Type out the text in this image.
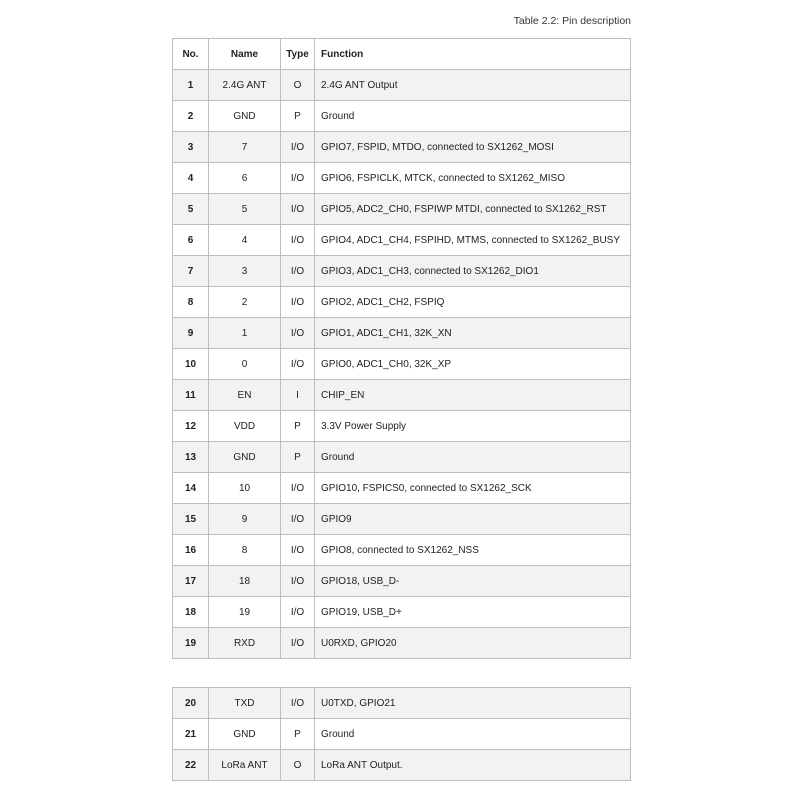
Table 2.2: Pin description
No.	Name	Type	Function
1	2.4G ANT	O	2.4G ANT Output
2	GND	P	Ground
3	7	I/O	GPIO7, FSPID, MTDO, connected to SX1262_MOSI
4	6	I/O	GPIO6, FSPICLK, MTCK, connected to SX1262_MISO
5	5	I/O	GPIO5, ADC2_CH0, FSPIWP MTDI, connected to SX1262_RST
6	4	I/O	GPIO4, ADC1_CH4, FSPIHD, MTMS, connected to SX1262_BUSY
7	3	I/O	GPIO3, ADC1_CH3, connected to SX1262_DIO1
8	2	I/O	GPIO2, ADC1_CH2, FSPIQ
9	1	I/O	GPIO1, ADC1_CH1, 32K_XN
10	0	I/O	GPIO0, ADC1_CH0, 32K_XP
11	EN	I	CHIP_EN
12	VDD	P	3.3V Power Supply
13	GND	P	Ground
14	10	I/O	GPIO10, FSPICS0, connected to SX1262_SCK
15	9	I/O	GPIO9
16	8	I/O	GPIO8, connected to SX1262_NSS
17	18	I/O	GPIO18, USB_D-
18	19	I/O	GPIO19, USB_D+
19	RXD	I/O	U0RXD, GPIO20
20	TXD	I/O	U0TXD, GPIO21
21	GND	P	Ground
22	LoRa ANT	O	LoRa ANT Output.
